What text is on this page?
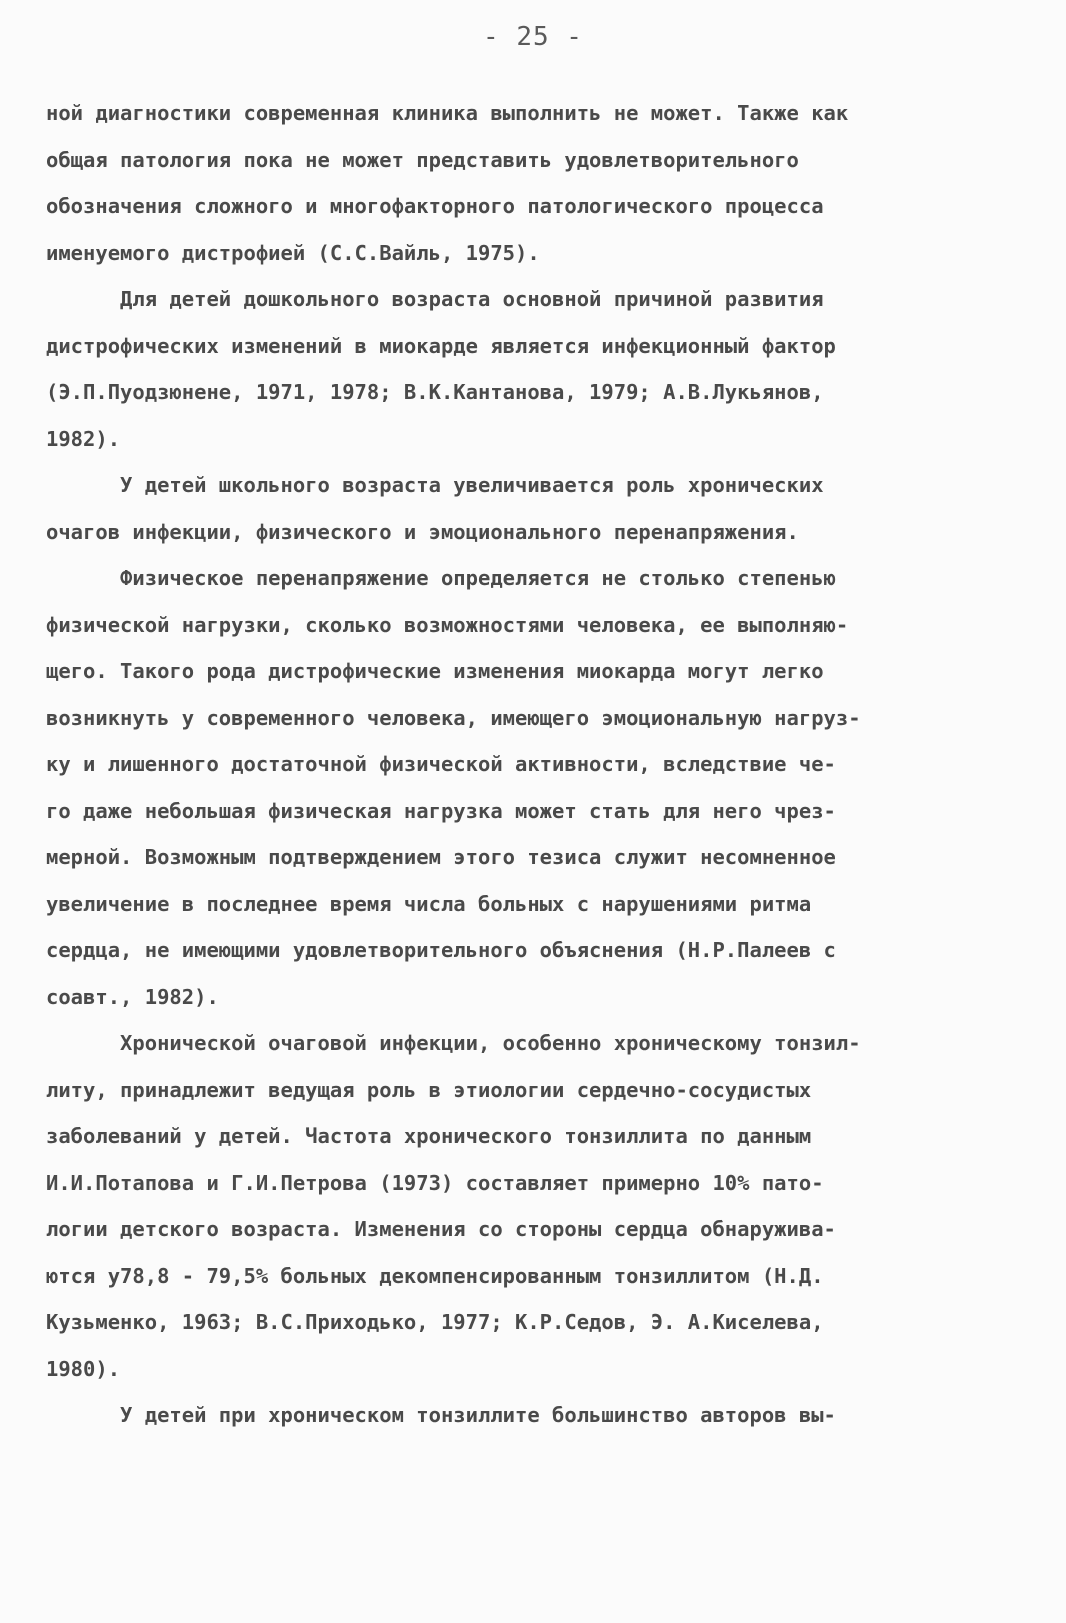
- 25 -
ной диагностики современная клиника выполнить не может. Также как
общая патология пока не может представить удовлетворительного
обозначения сложного и многофакторного патологического процесса
именуемого дистрофией (С.С.Вайль, 1975).
Для детей дошкольного возраста основной причиной развития
дистрофических изменений в миокарде является инфекционный фактор
(Э.П.Пуодзюнене, 1971, 1978; В.К.Кантанова, 1979; А.В.Лукьянов,
1982).
У детей школьного возраста увеличивается роль хронических
очагов инфекции, физического и эмоционального перенапряжения.
Физическое перенапряжение определяется не столько степенью
физической нагрузки, сколько возможностями человека, ее выполняю-
щего. Такого рода дистрофические изменения миокарда могут легко
возникнуть у современного человека, имеющего эмоциональную нагруз-
ку и лишенного достаточной физической активности, вследствие че-
го даже небольшая физическая нагрузка может стать для него чрез-
мерной. Возможным подтверждением этого тезиса служит несомненное
увеличение в последнее время числа больных с нарушениями ритма
сердца, не имеющими удовлетворительного объяснения (Н.Р.Палеев с
соавт., 1982).
Хронической очаговой инфекции, особенно хроническому тонзил-
литу, принадлежит ведущая роль в этиологии сердечно-сосудистых
заболеваний у детей. Частота хронического тонзиллита по данным
И.И.Потапова и Г.И.Петрова (1973) составляет примерно 10% пато-
логии детского возраста. Изменения со стороны сердца обнаружива-
ются у78,8 - 79,5% больных декомпенсированным тонзиллитом (Н.Д.
Кузьменко, 1963; В.С.Приходько, 1977; К.Р.Седов, Э. А.Киселева,
1980).
У детей при хроническом тонзиллите большинство авторов вы-
